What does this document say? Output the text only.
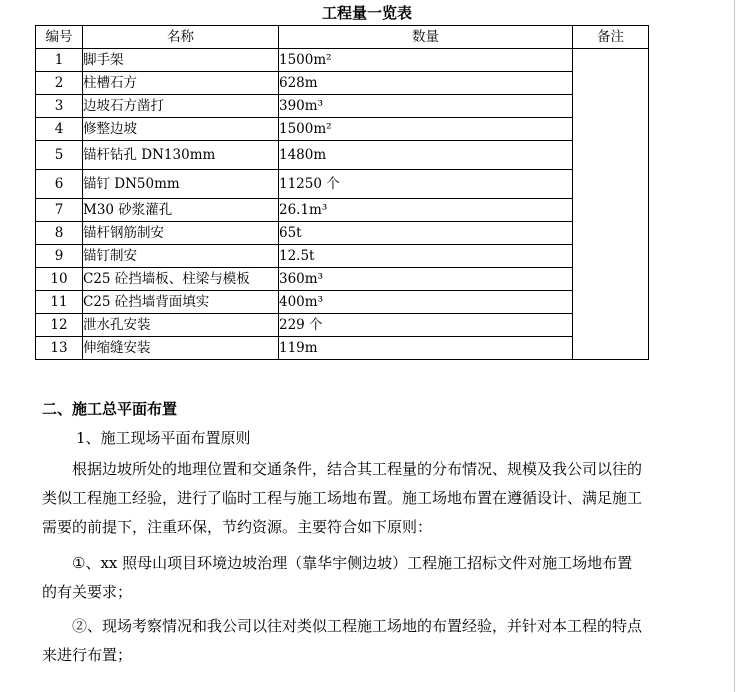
工程量一览表
编号	名称	数量	备注
1	脚手架	1500m²	
2	柱槽石方	628m	
3	边坡石方凿打	390m³	
4	修整边坡	1500m²	
5	锚杆钻孔 DN130mm	1480m	
6	锚钉 DN50mm	11250 个	
7	M30 砂浆灌孔	26.1m³	
8	锚杆钢筋制安	65t	
9	锚钉制安	12.5t	
10	C25 砼挡墙板、柱梁与模板	360m³	
11	C25 砼挡墙背面填实	400m³	
12	泄水孔安装	229 个	
13	伸缩缝安装	119m	
二、施工总平面布置
1、施工现场平面布置原则

根据边坡所处的地理位置和交通条件，结合其工程量的分布情况、规模及我公司以往的类似工程施工经验，进行了临时工程与施工场地布置。施工场地布置在遵循设计、满足施工需要的前提下，注重环保，节约资源。主要符合如下原则：

①、xx 照母山项目环境边坡治理（靠华宇侧边坡）工程施工招标文件对施工场地布置的有关要求；

②、现场考察情况和我公司以往对类似工程施工场地的布置经验，并针对本工程的特点来进行布置；
